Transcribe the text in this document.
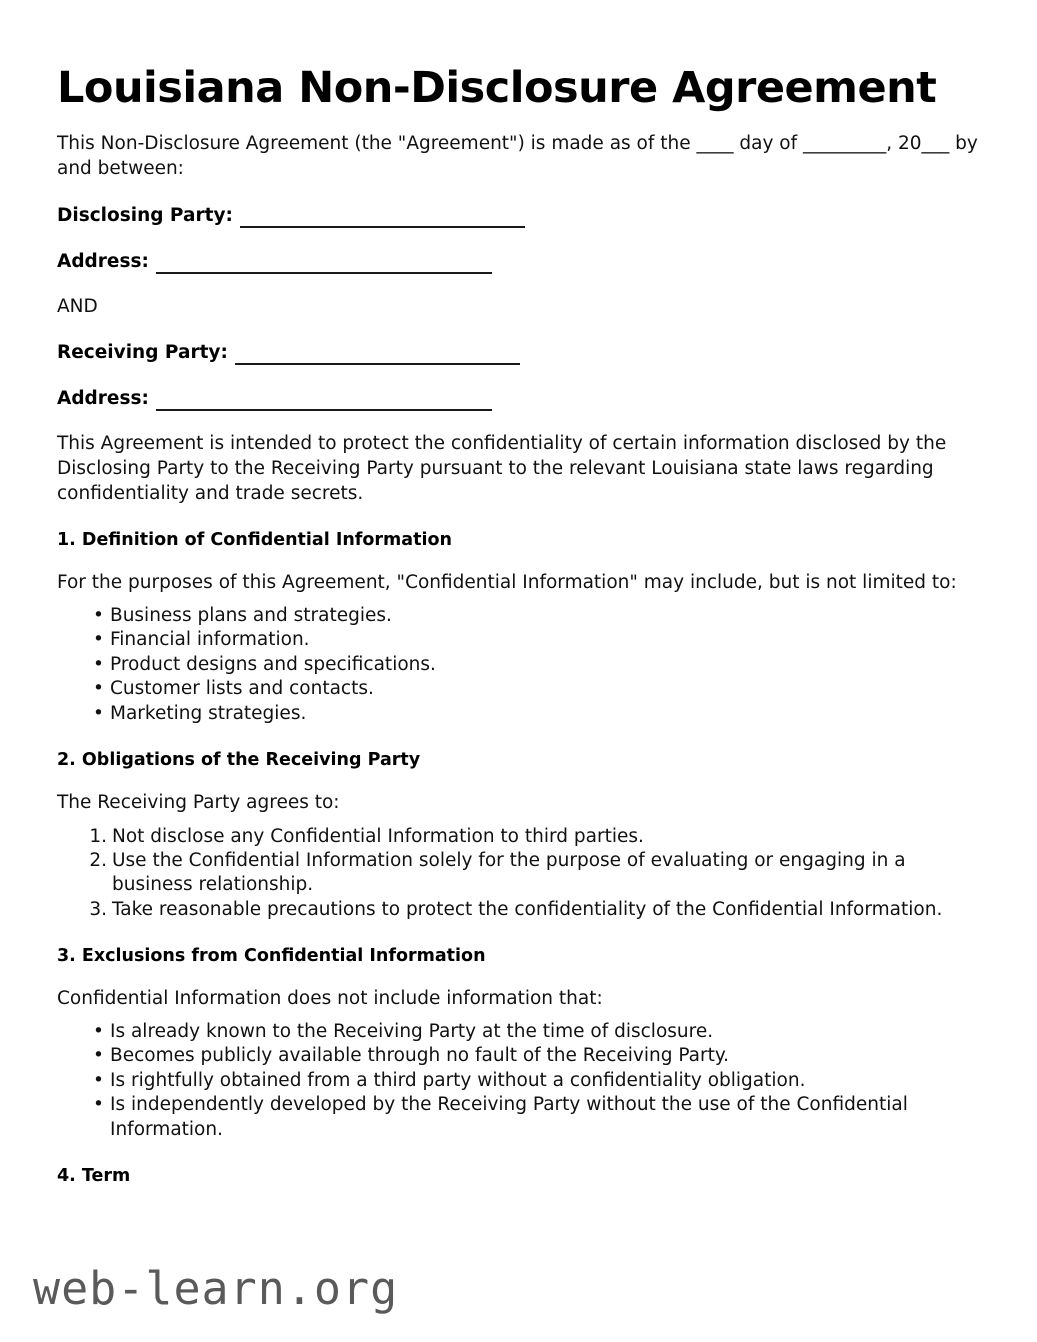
Louisiana Non-Disclosure Agreement

This Non-Disclosure Agreement (the "Agreement") is made as of the ____ day of _________, 20___ by and between:

Disclosing Party:
Address:
AND
Receiving Party:
Address:

This Agreement is intended to protect the confidentiality of certain information disclosed by the Disclosing Party to the Receiving Party pursuant to the relevant Louisiana state laws regarding confidentiality and trade secrets.

1. Definition of Confidential Information

For the purposes of this Agreement, "Confidential Information" may include, but is not limited to:

• Business plans and strategies.
• Financial information.
• Product designs and specifications.
• Customer lists and contacts.
• Marketing strategies.
2. Obligations of the Receiving Party

The Receiving Party agrees to:

Not disclose any Confidential Information to third parties.
Use the Confidential Information solely for the purpose of evaluating or engaging in a business relationship.
Take reasonable precautions to protect the confidentiality of the Confidential Information.
3. Exclusions from Confidential Information

Confidential Information does not include information that:

• Is already known to the Receiving Party at the time of disclosure.
• Becomes publicly available through no fault of the Receiving Party.
• Is rightfully obtained from a third party without a confidentiality obligation.
• Is independently developed by the Receiving Party without the use of the Confidential Information.
4. Term
web-learn.org
